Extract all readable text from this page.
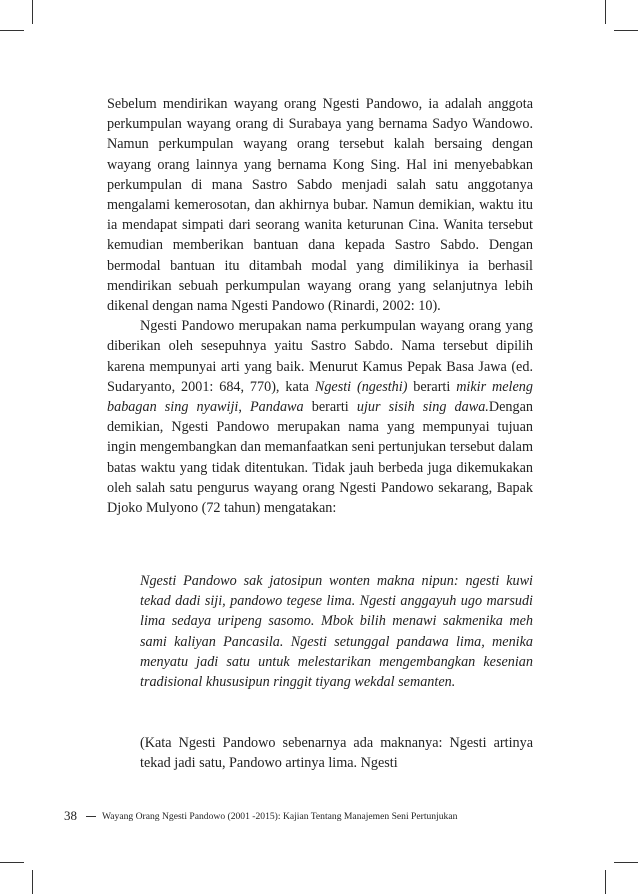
Sebelum mendirikan wayang orang Ngesti Pandowo, ia adalah anggota perkumpulan wayang orang di Surabaya yang bernama Sadyo Wandowo. Namun perkumpulan wayang orang tersebut kalah bersaing dengan wayang orang lainnya yang bernama Kong Sing. Hal ini menyebabkan perkumpulan di mana Sastro Sabdo menjadi salah satu anggotanya mengalami kemerosotan, dan akhirnya bubar. Namun demikian, waktu itu ia mendapat simpati dari seorang wanita keturunan Cina. Wanita tersebut kemudian memberikan bantuan dana kepada Sastro Sabdo. Dengan bermodal bantuan itu ditambah modal yang dimilikinya ia berhasil mendirikan sebuah perkumpulan wayang orang yang selanjutnya lebih dikenal dengan nama Ngesti Pandowo (Rinardi, 2002: 10).

Ngesti Pandowo merupakan nama perkumpulan wayang orang yang diberikan oleh sesepuhnya yaitu Sastro Sabdo. Nama tersebut dipilih karena mempunyai arti yang baik. Menurut Kamus Pepak Basa Jawa (ed. Sudaryanto, 2001: 684, 770), kata Ngesti (ngesthi) berarti mikir meleng babagan sing nyawiji, Pandawa berarti ujur sisih sing dawa.Dengan demikian, Ngesti Pandowo merupakan nama yang mempunyai tujuan ingin mengembangkan dan memanfaatkan seni pertunjukan tersebut dalam batas waktu yang tidak ditentukan. Tidak jauh berbeda juga dikemukakan oleh salah satu pengurus wayang orang Ngesti Pandowo sekarang, Bapak Djoko Mulyono (72 tahun) mengatakan:

Ngesti Pandowo sak jatosipun wonten makna nipun: ngesti kuwi tekad dadi siji, pandowo tegese lima. Ngesti anggayuh ugo marsudi lima sedaya uripeng sasomo. Mbok bilih menawi sakmenika meh sami kaliyan Pancasila. Ngesti setunggal pandawa lima, menika menyatu jadi satu untuk melestarikan mengembangkan kesenian tradisional khususipun ringgit tiyang wekdal semanten.
(Kata Ngesti Pandowo sebenarnya ada maknanya: Ngesti artinya tekad jadi satu, Pandowo artinya lima. Ngesti
38	Wayang Orang Ngesti Pandowo (2001 -2015): Kajian Tentang Manajemen Seni Pertunjukan
